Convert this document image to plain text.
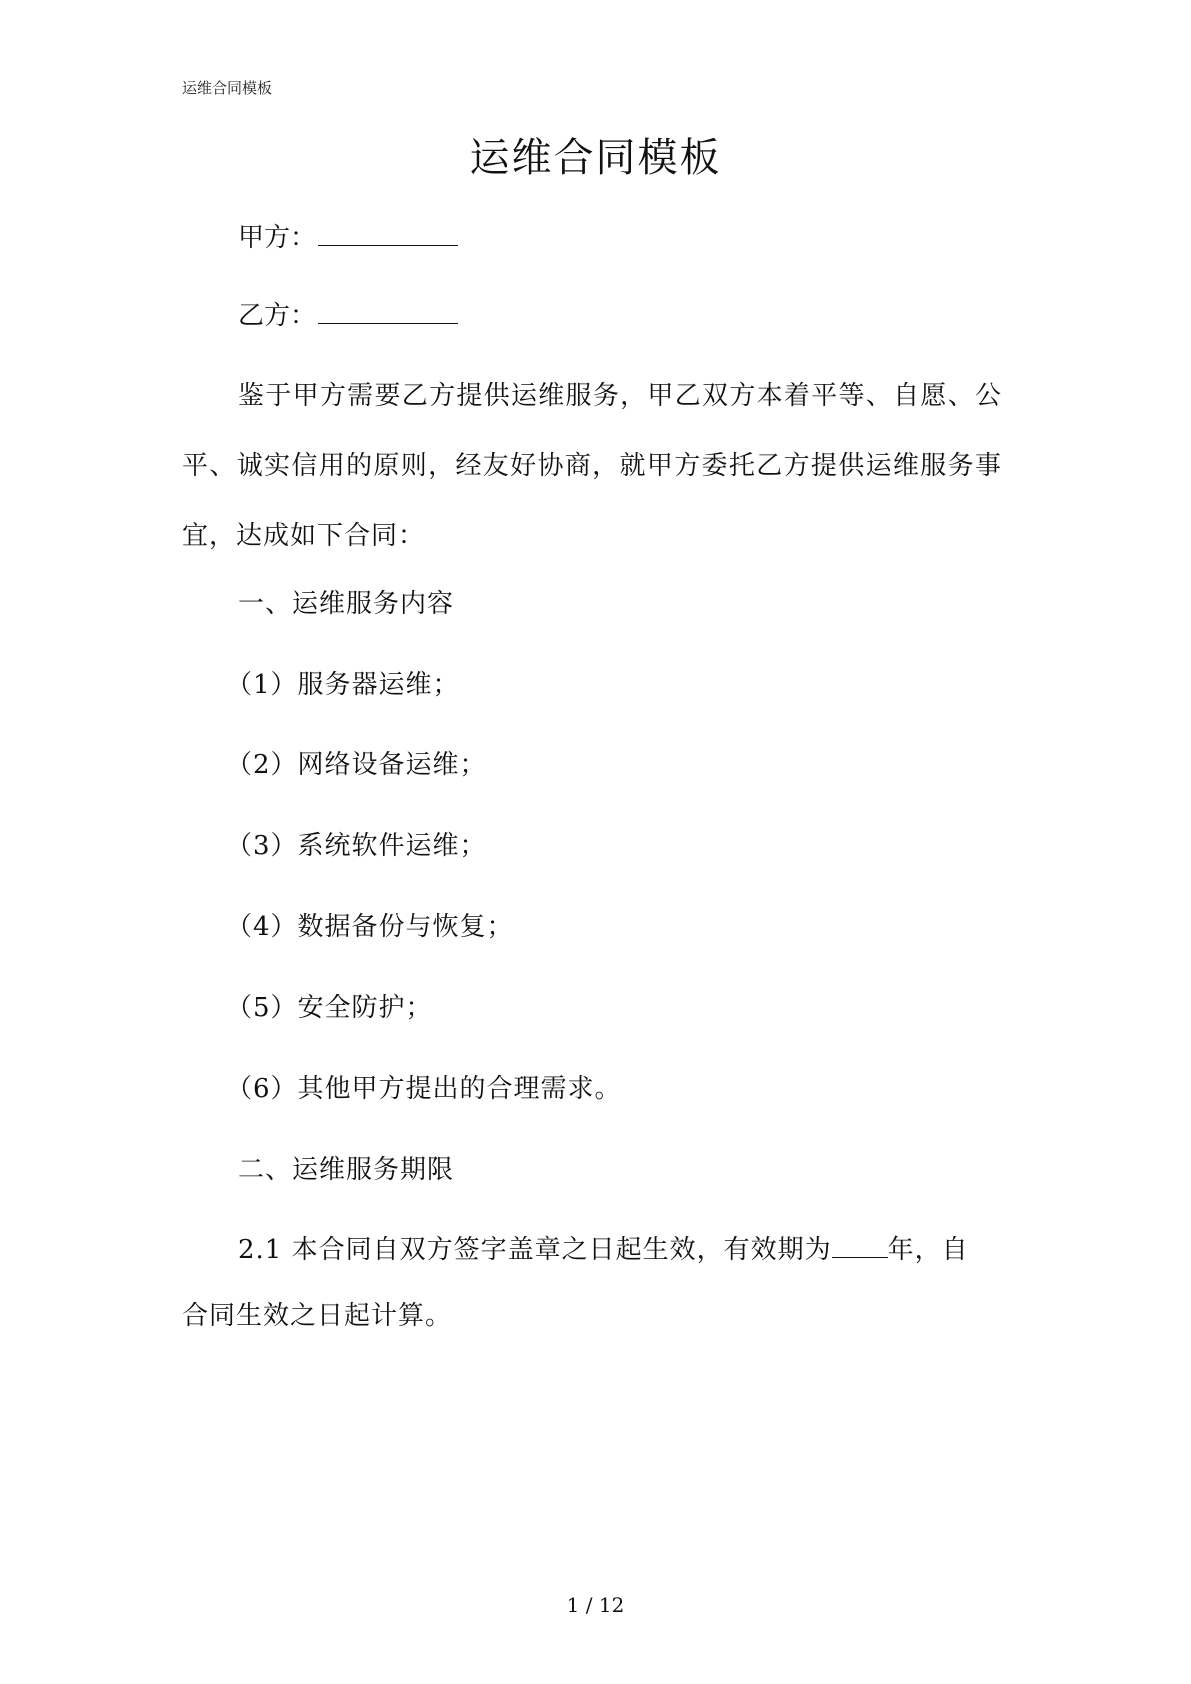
运维合同模板
运维合同模板
甲方：
乙方：

鉴于甲方需要乙方提供运维服务，甲乙双方本着平等、自愿、公平、诚实信用的原则，经友好协商，就甲方委托乙方提供运维服务事宜，达成如下合同：

一、运维服务内容
（1）服务器运维；
（2）网络设备运维；
（3）系统软件运维；
（4）数据备份与恢复；
（5）安全防护；
（6）其他甲方提出的合理需求。
二、运维服务期限
2.1 本合同自双方签字盖章之日起生效，有效期为 年，自
合同生效之日起计算。
1 / 12
